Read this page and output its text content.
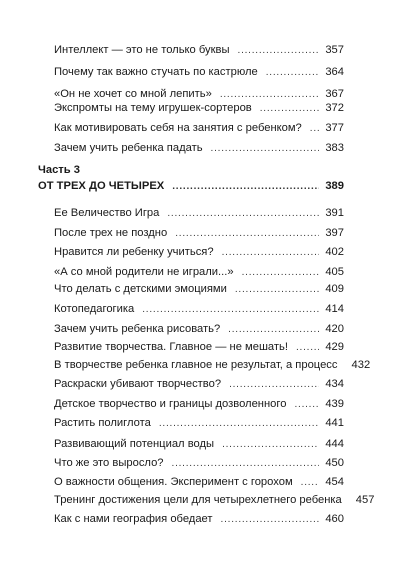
Интеллект — это не только буквы . . .	357
Почему так важно стучать по кастрюле . . .	364
«Он не хочет со мной лепить» . . .	367
Экспромты на тему игрушек-сортеров . . .	372
Как мотивировать себя на занятия с ребенком? . . . 377
Зачем учить ребенка падать . . .	383
Часть 3
ОТ ТРЕХ ДО ЧЕТЫРЕХ . . .	389
Ее Величество Игра . . .	391
После трех не поздно . . .	397
Нравится ли ребенку учиться? . . .	402
«А со мной родители не играли...» . . .	405
Что делать с детскими эмоциями . . .	409
Котопедагогика . . .	414
Зачем учить ребенка рисовать? . . .	420
Развитие творчества. Главное — не мешать! . . .	429
В творчестве ребенка главное не результат, а процесс 432
Раскраски убивают творчество? . . .	434
Детское творчество и границы дозволенного . . .	439
Растить полиглота . . .	441
Развивающий потенциал воды . . .	444
Что же это выросло? . . .	450
О важности общения. Эксперимент с горохом . . .	454
Тренинг достижения цели для четырехлетнего ребенка 457
Как с нами география обедает . . .	460
